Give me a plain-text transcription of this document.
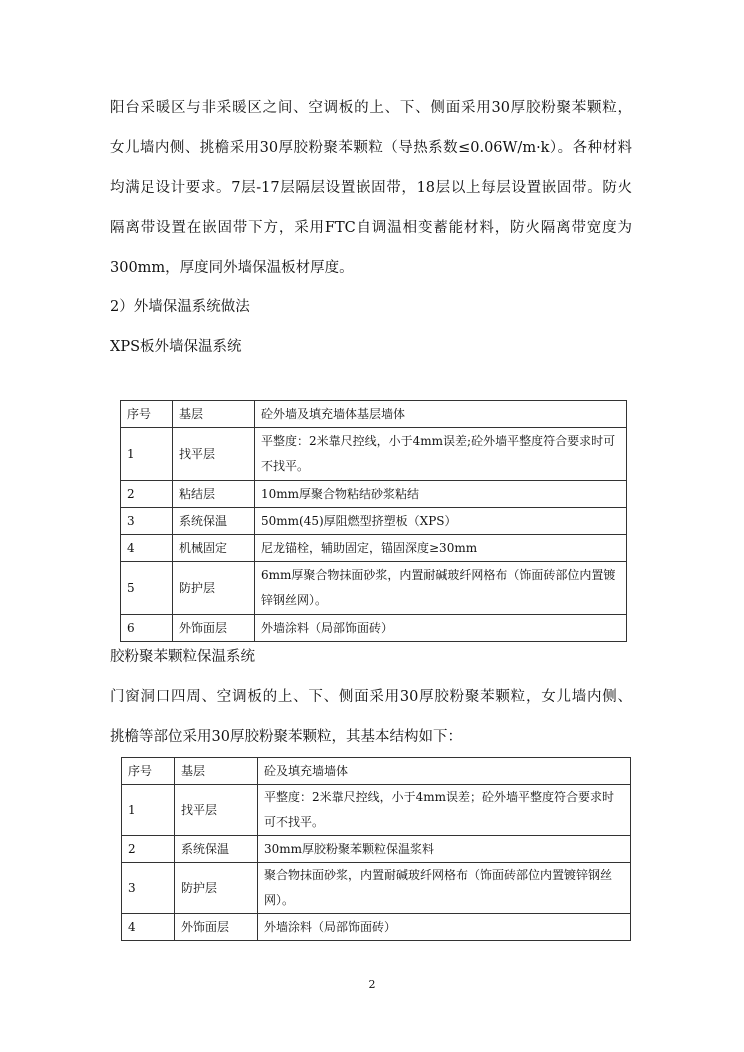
阳台采暖区与非采暖区之间、空调板的上、下、侧面采用30厚胶粉聚苯颗粒，
女儿墙内侧、挑檐采用30厚胶粉聚苯颗粒（导热系数≤0.06W/m·k）。各种材料
均满足设计要求。7层-17层隔层设置嵌固带，18层以上每层设置嵌固带。防火
隔离带设置在嵌固带下方，采用FTC自调温相变蓄能材料，防火隔离带宽度为
300mm，厚度同外墙保温板材厚度。
2）外墙保温系统做法
XPS板外墙保温系统
序号	基层	砼外墙及填充墙体基层墙体
1	找平层	平整度：2米靠尺控线，小于4mm误差;砼外墙平整度符合要求时可不找平。
2	粘结层	10mm厚聚合物粘结砂浆粘结
3	系统保温	50mm(45)厚阻燃型挤塑板（XPS）
4	机械固定	尼龙锚栓，辅助固定，锚固深度≥30mm
5	防护层	6mm厚聚合物抹面砂浆，内置耐碱玻纤网格布（饰面砖部位内置镀锌钢丝网）。
6	外饰面层	外墙涂料（局部饰面砖）
胶粉聚苯颗粒保温系统
门窗洞口四周、空调板的上、下、侧面采用30厚胶粉聚苯颗粒，女儿墙内侧、
挑檐等部位采用30厚胶粉聚苯颗粒，其基本结构如下：
序号	基层	砼及填充墙墙体
1	找平层	平整度：2米靠尺控线，小于4mm误差；砼外墙平整度符合要求时可不找平。
2	系统保温	30mm厚胶粉聚苯颗粒保温浆料
3	防护层	聚合物抹面砂浆，内置耐碱玻纤网格布（饰面砖部位内置镀锌钢丝网）。
4	外饰面层	外墙涂料（局部饰面砖）
2
